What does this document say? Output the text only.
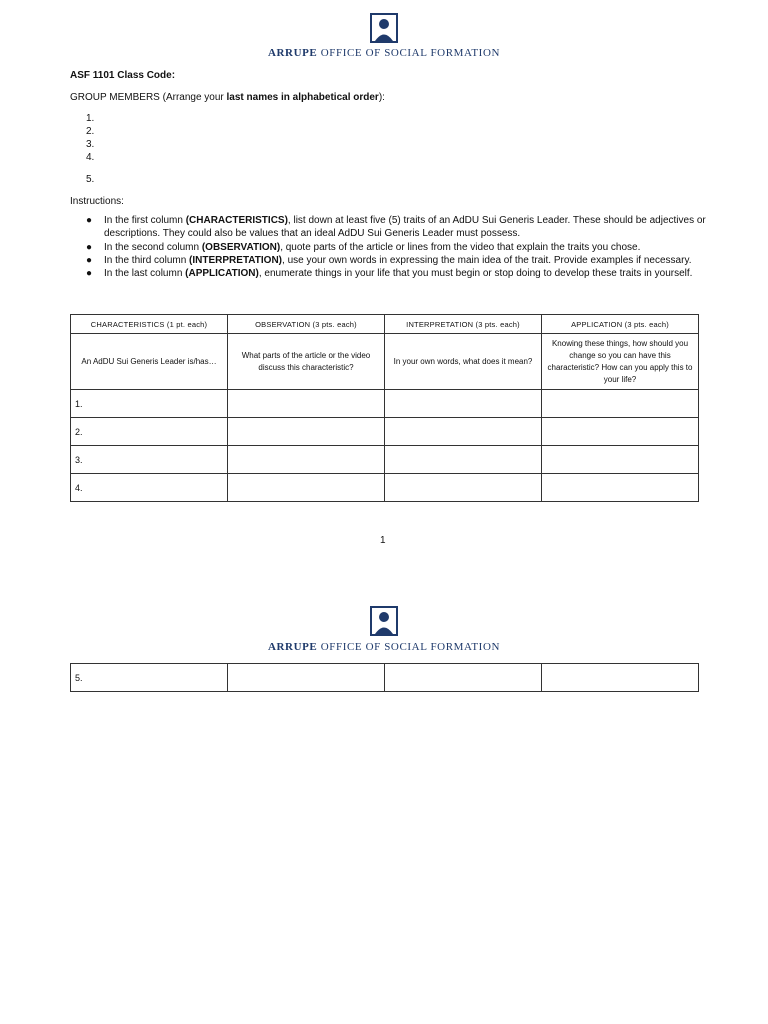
ARRUPE OFFICE OF SOCIAL FORMATION
ASF 1101 Class Code:
GROUP MEMBERS (Arrange your last names in alphabetical order):
1.
2.
3.
4.
5.
Instructions:
● In the first column (CHARACTERISTICS), list down at least five (5) traits of an AdDU Sui Generis Leader. These should be adjectives or descriptions. They could also be values that an ideal AdDU Sui Generis Leader must possess.
● In the second column (OBSERVATION), quote parts of the article or lines from the video that explain the traits you chose.
● In the third column (INTERPRETATION), use your own words in expressing the main idea of the trait. Provide examples if necessary.
● In the last column (APPLICATION), enumerate things in your life that you must begin or stop doing to develop these traits in yourself.
CHARACTERISTICS (1 pt. each)	OBSERVATION (3 pts. each)	INTERPRETATION (3 pts. each)	APPLICATION (3 pts. each)
An AdDU Sui Generis Leader is/has…	What parts of the article or the video discuss this characteristic?	In your own words, what does it mean?	Knowing these things, how should you change so you can have this characteristic? How can you apply this to your life?
1.			
2.			
3.			
4.			
1
ARRUPE OFFICE OF SOCIAL FORMATION
5.			
